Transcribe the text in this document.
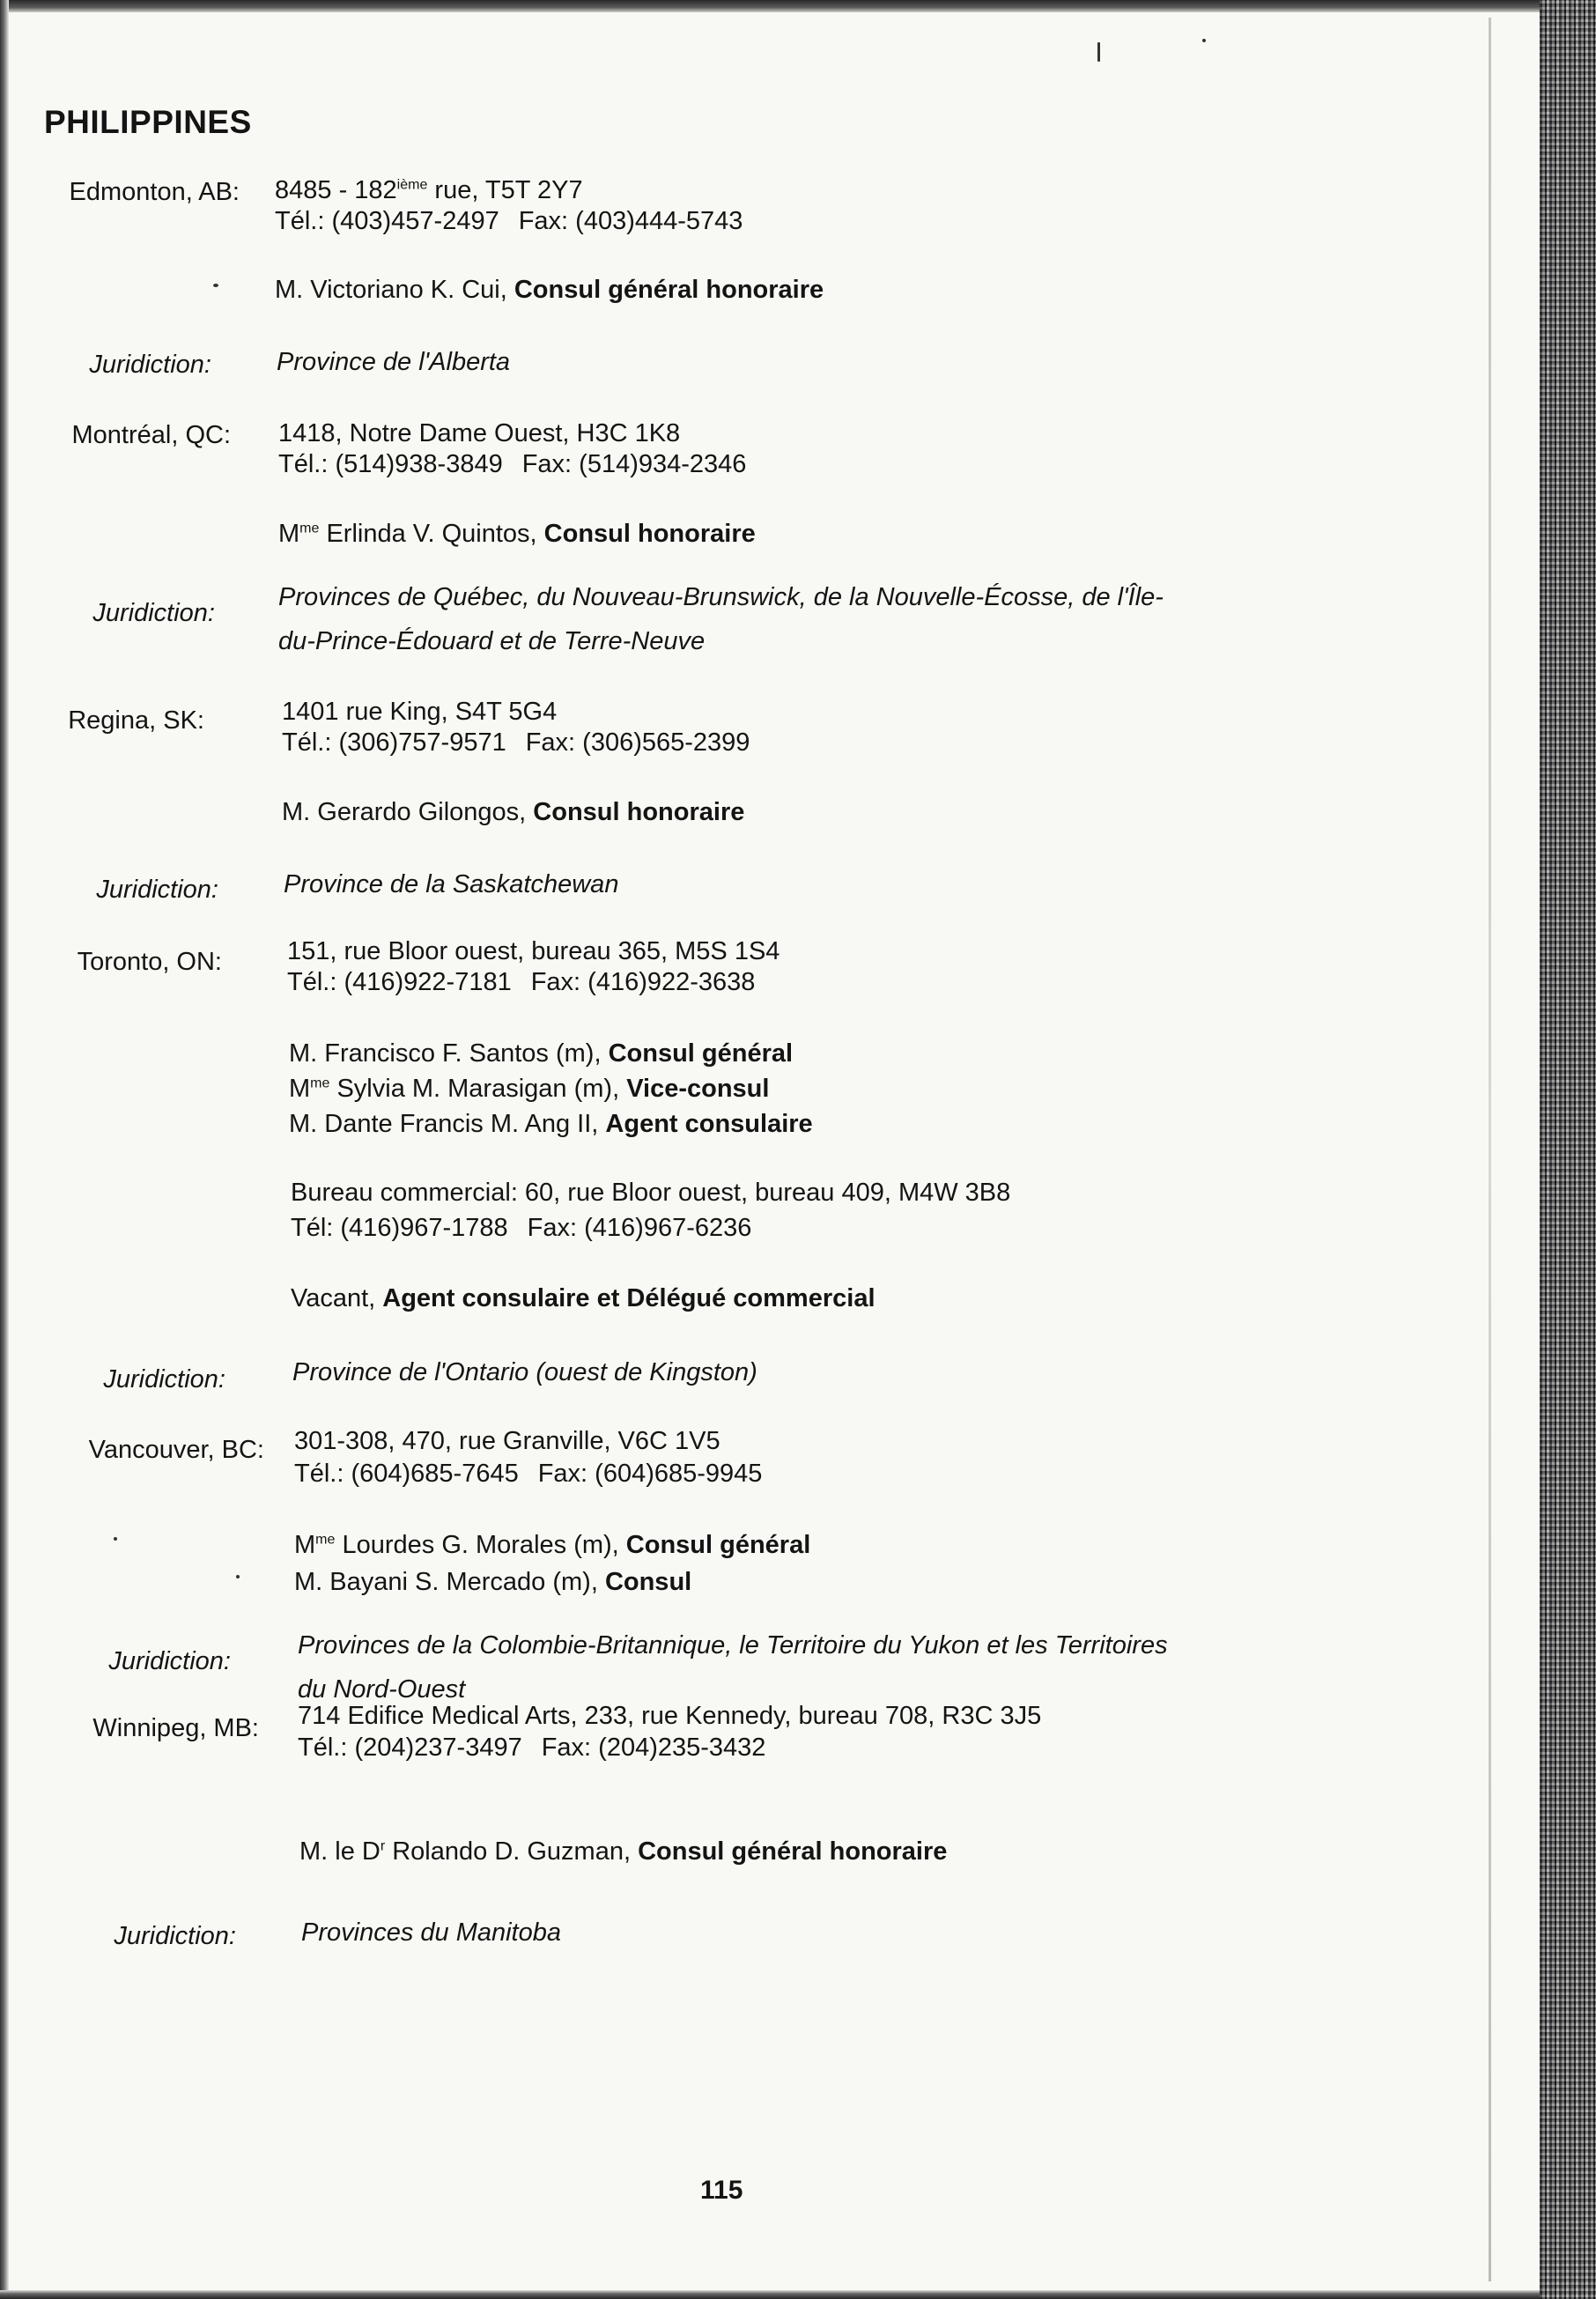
PHILIPPINES
Edmonton, AB: 8485 - 182ième rue, T5T 2Y7
Tél.: (403)457-2497 Fax: (403)444-5743
M. Victoriano K. Cui, Consul général honoraire
Juridiction:	Province de l'Alberta
Montréal, QC: 1418, Notre Dame Ouest, H3C 1K8
Tél.: (514)938-3849 Fax: (514)934-2346
$M^{me}$ Erlinda V. Quintos, Consul honoraire
Juridiction:
Provinces de Québec, du Nouveau-Brunswick, de la Nouvelle-Écosse, de l'Île-
du-Prince-Édouard et de Terre-Neuve
Regina, SK:	1401 rue King, S4T 5G4
Tél.: (306)757-9571 Fax: (306)565-2399
M. Gerardo Gilongos, Consul honoraire
Juridiction:	Province de la Saskatchewan
Toronto, ON:	151, rue Bloor ouest, bureau 365, M5S 1S4
Tél.: (416)922-7181 Fax: (416)922-3638
M. Francisco F. Santos (m), Consul général
$M^{me}$ Sylvia M. Marasigan (m), Vice-consul
M. Dante Francis M. Ang II, Agent consulaire
Bureau commercial: 60, rue Bloor ouest, bureau 409, M4W 3B8
Tél: (416)967-1788 Fax: (416)967-6236
Vacant, Agent consulaire et Délégué commercial
Juridiction:	Province de l'Ontario (ouest de Kingston)
Vancouver, BC: 301-308, 470, rue Granville, V6C 1V5
Tél.: (604)685-7645 Fax: (604)685-9945
$M^{me}$ Lourdes G. Morales (m), Consul général
M. Bayani S. Mercado (m), Consul
Juridiction:
Provinces de la Colombie-Britannique, le Territoire du Yukon et les Territoires
du Nord-Ouest
Winnipeg, MB: 714 Edifice Medical Arts, 233, rue Kennedy, bureau 708, R3C 3J5
Tél.: (204)237-3497 Fax: (204)235-3432
M. le $D^r$ Rolando D. Guzman, Consul général honoraire
Juridiction:	Provinces du Manitoba
115
